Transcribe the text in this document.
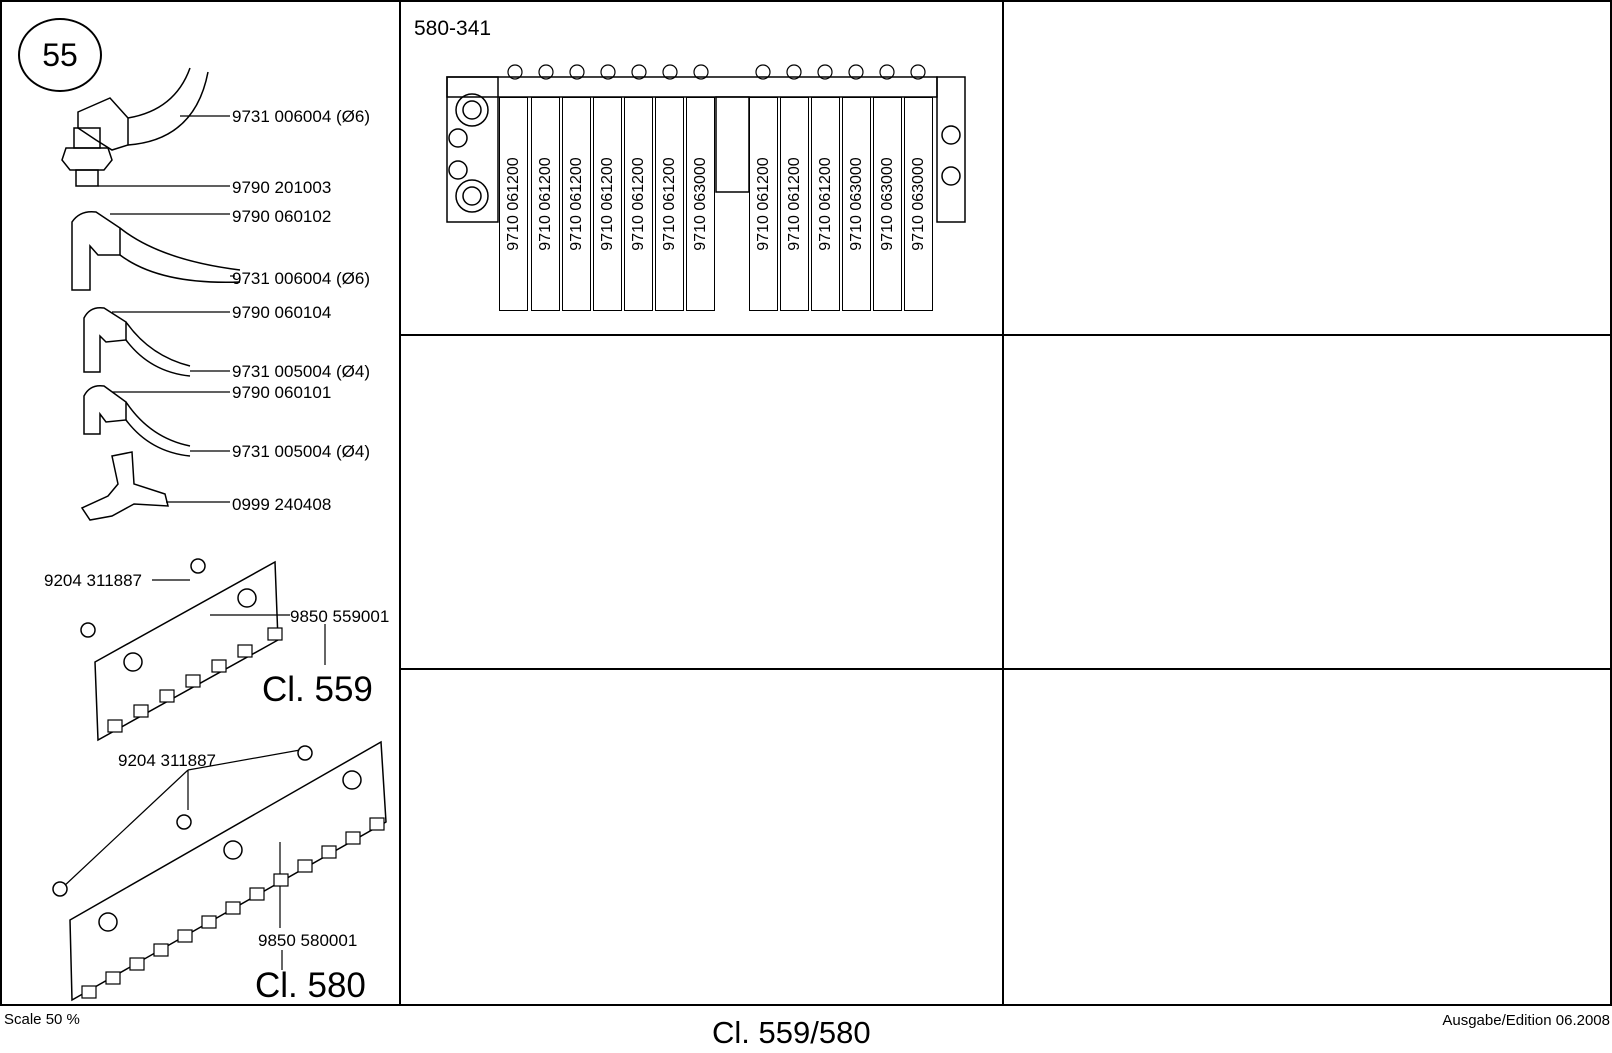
55
9731 006004 (Ø6)
9790 201003
9790 060102
9731 006004 (Ø6)
9790 060104
9731 005004 (Ø4)
9790 060101
9731 005004 (Ø4)
0999 240408
9204 311887
9850 559001
Cl. 559
9204 311887
9850 580001
Cl. 580
580-341
9710 061200 9710 061200 9710 061200 9710 061200 9710 061200 9710 061200 9710 063000	9710 061200 9710 061200 9710 061200 9710 063000 9710 063000 9710 063000
Scale 50 %	Cl. 559/580	Ausgabe/Edition 06.2008
